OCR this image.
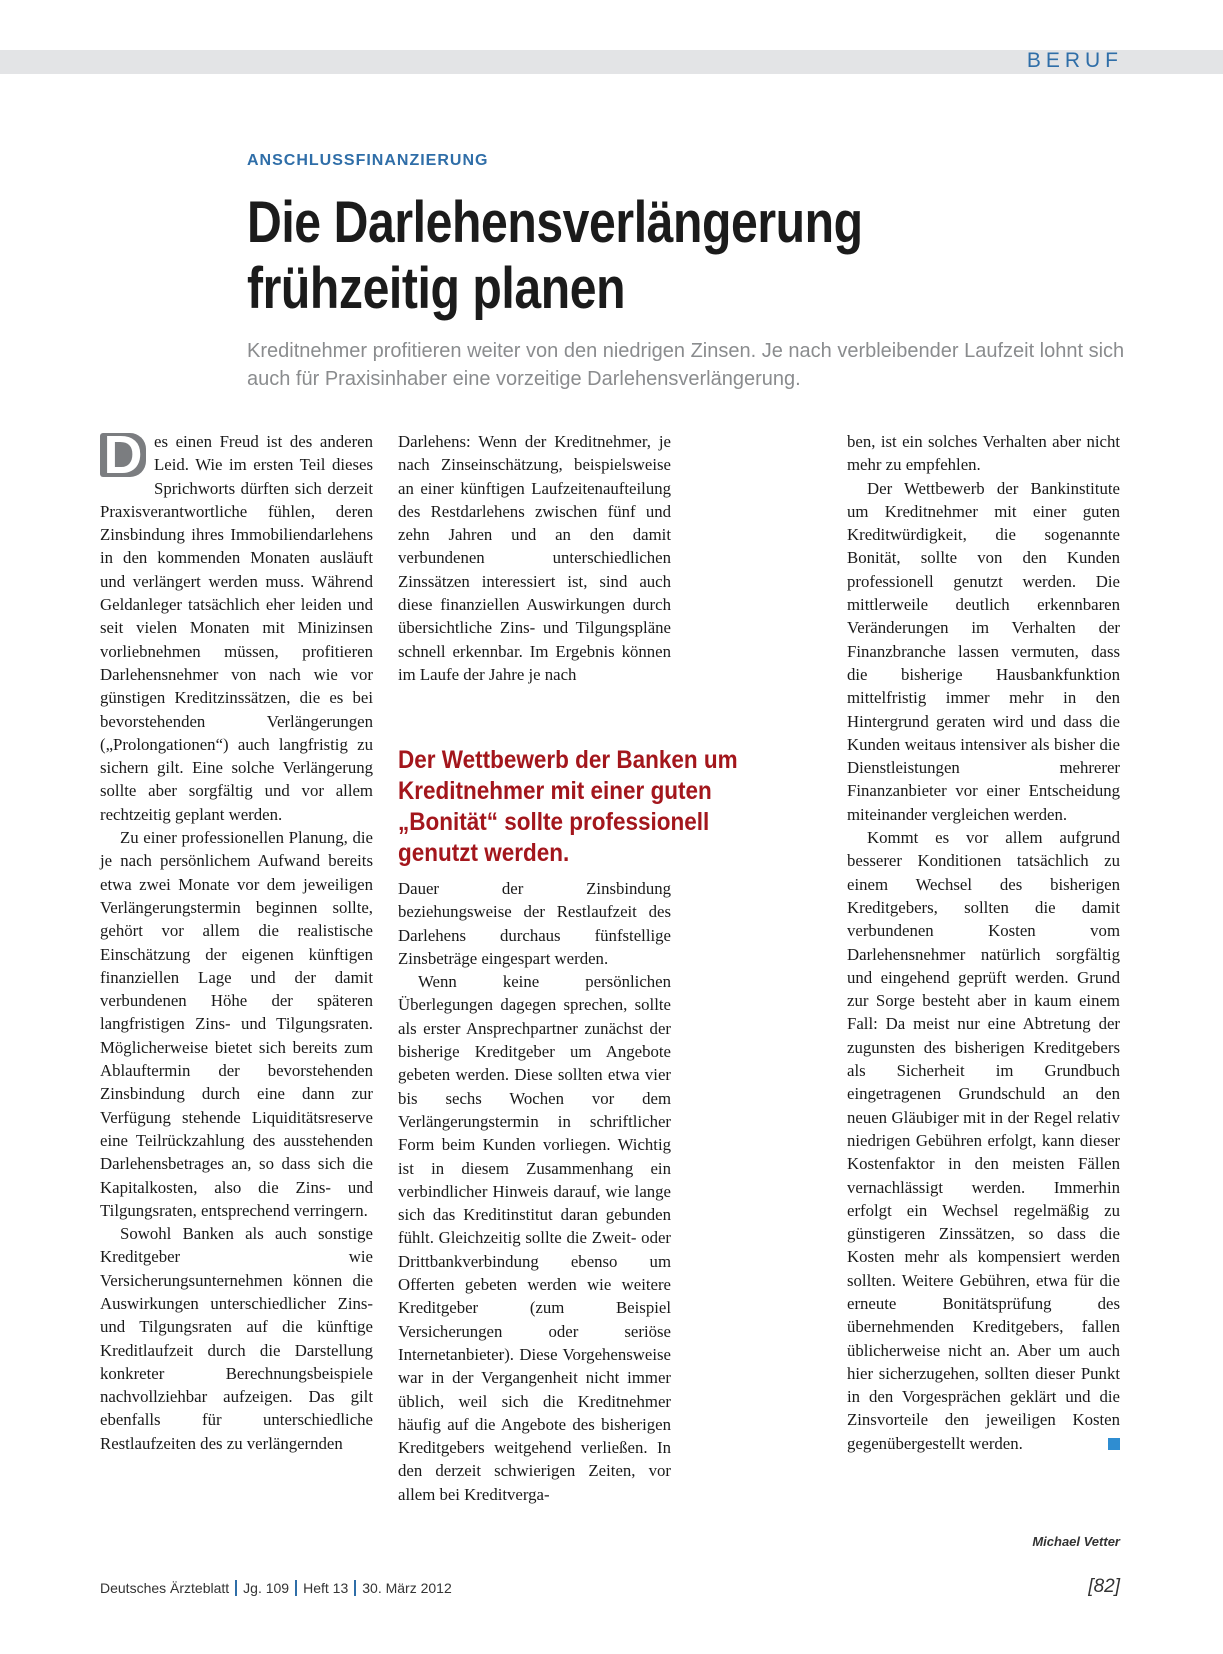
BERUF
ANSCHLUSSFINANZIERUNG
Die Darlehensverlängerung
frühzeitig planen
Kreditnehmer profitieren weiter von den niedrigen Zinsen. Je nach verbleibender Laufzeit lohnt sich auch für Praxisinhaber eine vorzeitige Darlehensverlängerung.

D es einen Freud ist des anderen Leid. Wie im ersten Teil dieses Sprichworts dürften sich derzeit Praxisverantwortliche fühlen, deren Zinsbindung ihres Immobiliendarlehens in den kommenden Monaten ausläuft und verlängert werden muss. Während Geldanleger tatsächlich eher leiden und seit vielen Monaten mit Minizinsen vorliebnehmen müssen, profitieren Darlehensnehmer von nach wie vor günstigen Kreditzinssätzen, die es bei bevorstehenden Verlängerungen („Prolongationen“) auch langfristig zu sichern gilt. Eine solche Verlängerung sollte aber sorgfältig und vor allem rechtzeitig geplant werden.

Zu einer professionellen Planung, die je nach persönlichem Aufwand bereits etwa zwei Monate vor dem jeweiligen Verlängerungstermin beginnen sollte, gehört vor allem die realistische Einschätzung der eigenen künftigen finanziellen Lage und der damit verbundenen Höhe der späteren langfristigen Zins- und Tilgungsraten. Möglicherweise bietet sich bereits zum Ablauftermin der bevorstehenden Zinsbindung durch eine dann zur Verfügung stehende Liquiditätsreserve eine Teilrückzahlung des ausstehenden Darlehensbetrages an, so dass sich die Kapitalkosten, also die Zins- und Tilgungsraten, entsprechend verringern.

Sowohl Banken als auch sonstige Kreditgeber wie Versicherungsunternehmen können die Auswirkungen unterschiedlicher Zins- und Tilgungsraten auf die künftige Kreditlaufzeit durch die Darstellung konkreter Berechnungsbeispiele nachvollziehbar aufzeigen. Das gilt ebenfalls für unterschiedliche Restlaufzeiten des zu verlängernden

Darlehens: Wenn der Kreditnehmer, je nach Zinseinschätzung, beispielsweise an einer künftigen Laufzeitenaufteilung des Restdarlehens zwischen fünf und zehn Jahren und an den damit verbundenen unterschiedlichen Zinssätzen interessiert ist, sind auch diese finanziellen Auswirkungen durch übersichtliche Zins- und Tilgungspläne schnell erkennbar. Im Ergebnis können im Laufe der Jahre je nach

Der Wettbewerb der Banken um Kreditnehmer mit einer guten „Bonität“ sollte professionell genutzt werden.

Dauer der Zinsbindung beziehungsweise der Restlaufzeit des Darlehens durchaus fünfstellige Zinsbeträge eingespart werden.

Wenn keine persönlichen Überlegungen dagegen sprechen, sollte als erster Ansprechpartner zunächst der bisherige Kreditgeber um Angebote gebeten werden. Diese sollten etwa vier bis sechs Wochen vor dem Verlängerungstermin in schriftlicher Form beim Kunden vorliegen. Wichtig ist in diesem Zusammenhang ein verbindlicher Hinweis darauf, wie lange sich das Kreditinstitut daran gebunden fühlt. Gleichzeitig sollte die Zweit- oder Drittbankverbindung ebenso um Offerten gebeten werden wie weitere Kreditgeber (zum Beispiel Versicherungen oder seriöse Internetanbieter). Diese Vorgehensweise war in der Vergangenheit nicht immer üblich, weil sich die Kreditnehmer häufig auf die Angebote des bisherigen Kreditgebers weitgehend verließen. In den derzeit schwierigen Zeiten, vor allem bei Kreditverga-

ben, ist ein solches Verhalten aber nicht mehr zu empfehlen.

Der Wettbewerb der Bankinstitute um Kreditnehmer mit einer guten Kreditwürdigkeit, die sogenannte Bonität, sollte von den Kunden professionell genutzt werden. Die mittlerweile deutlich erkennbaren Veränderungen im Verhalten der Finanzbranche lassen vermuten, dass die bisherige Hausbankfunktion mittelfristig immer mehr in den Hintergrund geraten wird und dass die Kunden weitaus intensiver als bisher die Dienstleistungen mehrerer Finanzanbieter vor einer Entscheidung miteinander vergleichen werden.

Kommt es vor allem aufgrund besserer Konditionen tatsächlich zu einem Wechsel des bisherigen Kreditgebers, sollten die damit verbundenen Kosten vom Darlehensnehmer natürlich sorgfältig und eingehend geprüft werden. Grund zur Sorge besteht aber in kaum einem Fall: Da meist nur eine Abtretung der zugunsten des bisherigen Kreditgebers als Sicherheit im Grundbuch eingetragenen Grundschuld an den neuen Gläubiger mit in der Regel relativ niedrigen Gebühren erfolgt, kann dieser Kostenfaktor in den meisten Fällen vernachlässigt werden. Immerhin erfolgt ein Wechsel regelmäßig zu günstigeren Zinssätzen, so dass die Kosten mehr als kompensiert werden sollten. Weitere Gebühren, etwa für die erneute Bonitätsprüfung des übernehmenden Kreditgebers, fallen üblicherweise nicht an. Aber um auch hier sicherzugehen, sollten dieser Punkt in den Vorgesprächen geklärt und die Zinsvorteile den jeweiligen Kosten gegenübergestellt werden.

Michael Vetter
Deutsches Ärzteblatt Jg. 109 Heft 13 30. März 2012	[82]
